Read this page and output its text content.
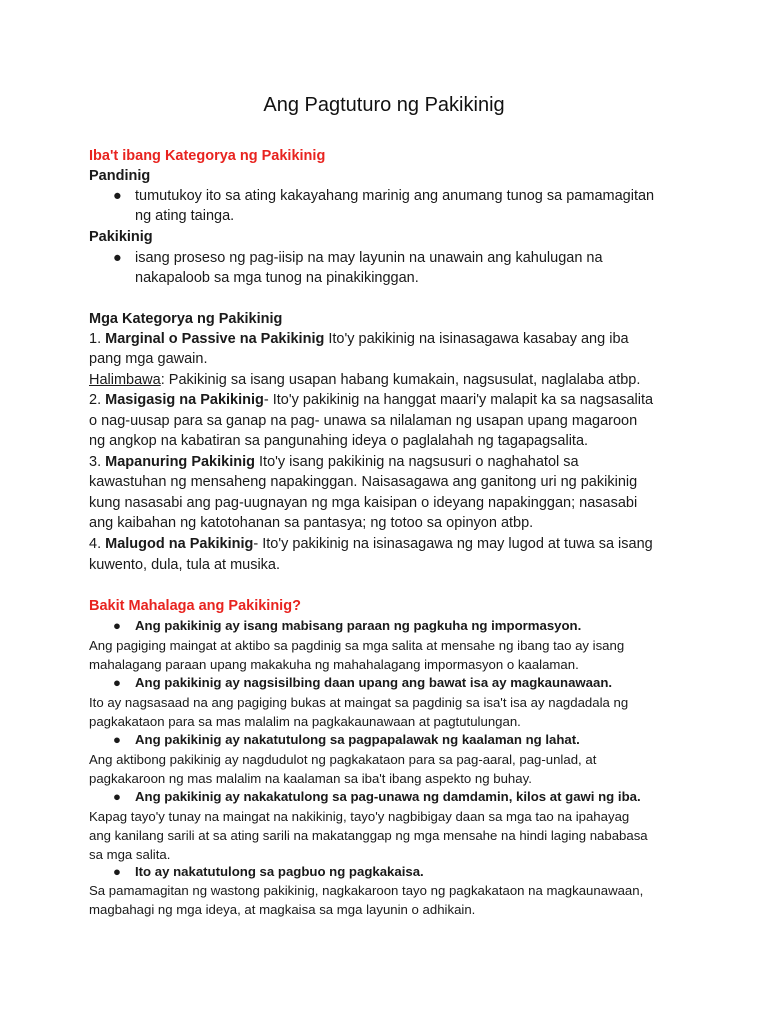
Ang Pagtuturo ng Pakikinig
Iba't ibang Kategorya ng Pakikinig
Pandinig
● tumutukoy ito sa ating kakayahang marinig ang anumang tunog sa pamamagitan
ng ating tainga.
Pakikinig
● isang proseso ng pag-iisip na may layunin na unawain ang kahulugan na
nakapaloob sa mga tunog na pinakikinggan.
Mga Kategorya ng Pakikinig
1. Marginal o Passive na Pakikinig Ito'y pakikinig na isinasagawa kasabay ang iba
pang mga gawain.
Halimbawa: Pakikinig sa isang usapan habang kumakain, nagsusulat, naglalaba atbp.
2. Masigasig na Pakikinig- Ito'y pakikinig na hanggat maari'y malapit ka sa nagsasalita
o nag-uusap para sa ganap na pag- unawa sa nilalaman ng usapan upang magaroon
ng angkop na kabatiran sa pangunahing ideya o paglalahah ng tagapagsalita.
3. Mapanuring Pakikinig Ito'y isang pakikinig na nagsusuri o naghahatol sa
kawastuhan ng mensaheng napakinggan. Naisasagawa ang ganitong uri ng pakikinig
kung nasasabi ang pag-uugnayan ng mga kaisipan o ideyang napakinggan; nasasabi
ang kaibahan ng katotohanan sa pantasya; ng totoo sa opinyon atbp.
4. Malugod na Pakikinig- Ito'y pakikinig na isinasagawa ng may lugod at tuwa sa isang
kuwento, dula, tula at musika.
Bakit Mahalaga ang Pakikinig?
● Ang pakikinig ay isang mabisang paraan ng pagkuha ng impormasyon.
Ang pagiging maingat at aktibo sa pagdinig sa mga salita at mensahe ng ibang tao ay isang
mahalagang paraan upang makakuha ng mahahalagang impormasyon o kaalaman.
● Ang pakikinig ay nagsisilbing daan upang ang bawat isa ay magkaunawaan.
Ito ay nagsasaad na ang pagiging bukas at maingat sa pagdinig sa isa't isa ay nagdadala ng
pagkakataon para sa mas malalim na pagkakaunawaan at pagtutulungan.
● Ang pakikinig ay nakatutulong sa pagpapalawak ng kaalaman ng lahat.
Ang aktibong pakikinig ay nagdudulot ng pagkakataon para sa pag-aaral, pag-unlad, at
pagkakaroon ng mas malalim na kaalaman sa iba't ibang aspekto ng buhay.
● Ang pakikinig ay nakakatulong sa pag-unawa ng damdamin, kilos at gawi ng iba.
Kapag tayo'y tunay na maingat na nakikinig, tayo'y nagbibigay daan sa mga tao na ipahayag
ang kanilang sarili at sa ating sarili na makatanggap ng mga mensahe na hindi laging nababasa
sa mga salita.
● Ito ay nakatutulong sa pagbuo ng pagkakaisa.
Sa pamamagitan ng wastong pakikinig, nagkakaroon tayo ng pagkakataon na magkaunawaan,
magbahagi ng mga ideya, at magkaisa sa mga layunin o adhikain.
